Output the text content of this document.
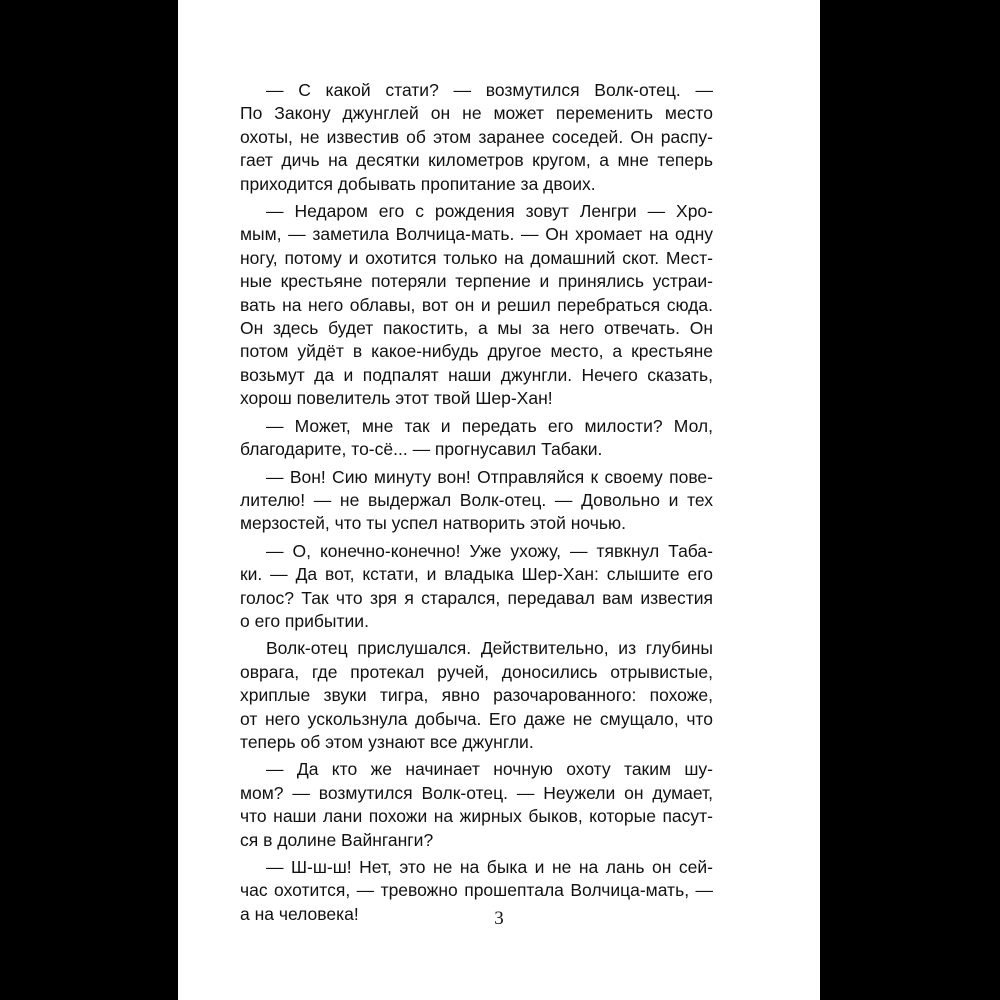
— С какой стати? — возмутился Волк-отец. —
По Закону джунглей он не может переменить место
охоты, не известив об этом заранее соседей. Он распу-
гает дичь на десятки километров кругом, а мне теперь
приходится добывать пропитание за двоих.
— Недаром его с рождения зовут Ленгри — Хро-
мым, — заметила Волчица-мать. — Он хромает на одну
ногу, потому и охотится только на домашний скот. Мест-
ные крестьяне потеряли терпение и принялись устраи-
вать на него облавы, вот он и решил перебраться сюда.
Он здесь будет пакостить, а мы за него отвечать. Он
потом уйдёт в какое-нибудь другое место, а крестьяне
возьмут да и подпалят наши джунгли. Нечего сказать,
хорош повелитель этот твой Шер-Хан!
— Может, мне так и передать его милости? Мол,
благодарите, то-сё... — прогнусавил Табаки.
— Вон! Сию минуту вон! Отправляйся к своему пове-
лителю! — не выдержал Волк-отец. — Довольно и тех
мерзостей, что ты успел натворить этой ночью.
— О, конечно-конечно! Уже ухожу, — тявкнул Таба-
ки. — Да вот, кстати, и владыка Шер-Хан: слышите его
голос? Так что зря я старался, передавал вам известия
о его прибытии.
Волк-отец прислушался. Действительно, из глубины
оврага, где протекал ручей, доносились отрывистые,
хриплые звуки тигра, явно разочарованного: похоже,
от него ускользнула добыча. Его даже не смущало, что
теперь об этом узнают все джунгли.
— Да кто же начинает ночную охоту таким шу-
мом? — возмутился Волк-отец. — Неужели он думает,
что наши лани похожи на жирных быков, которые пасут-
ся в долине Вайнганги?
— Ш-ш-ш! Нет, это не на быка и не на лань он сей-
час охотится, — тревожно прошептала Волчица-мать, —
а на человека!	3
